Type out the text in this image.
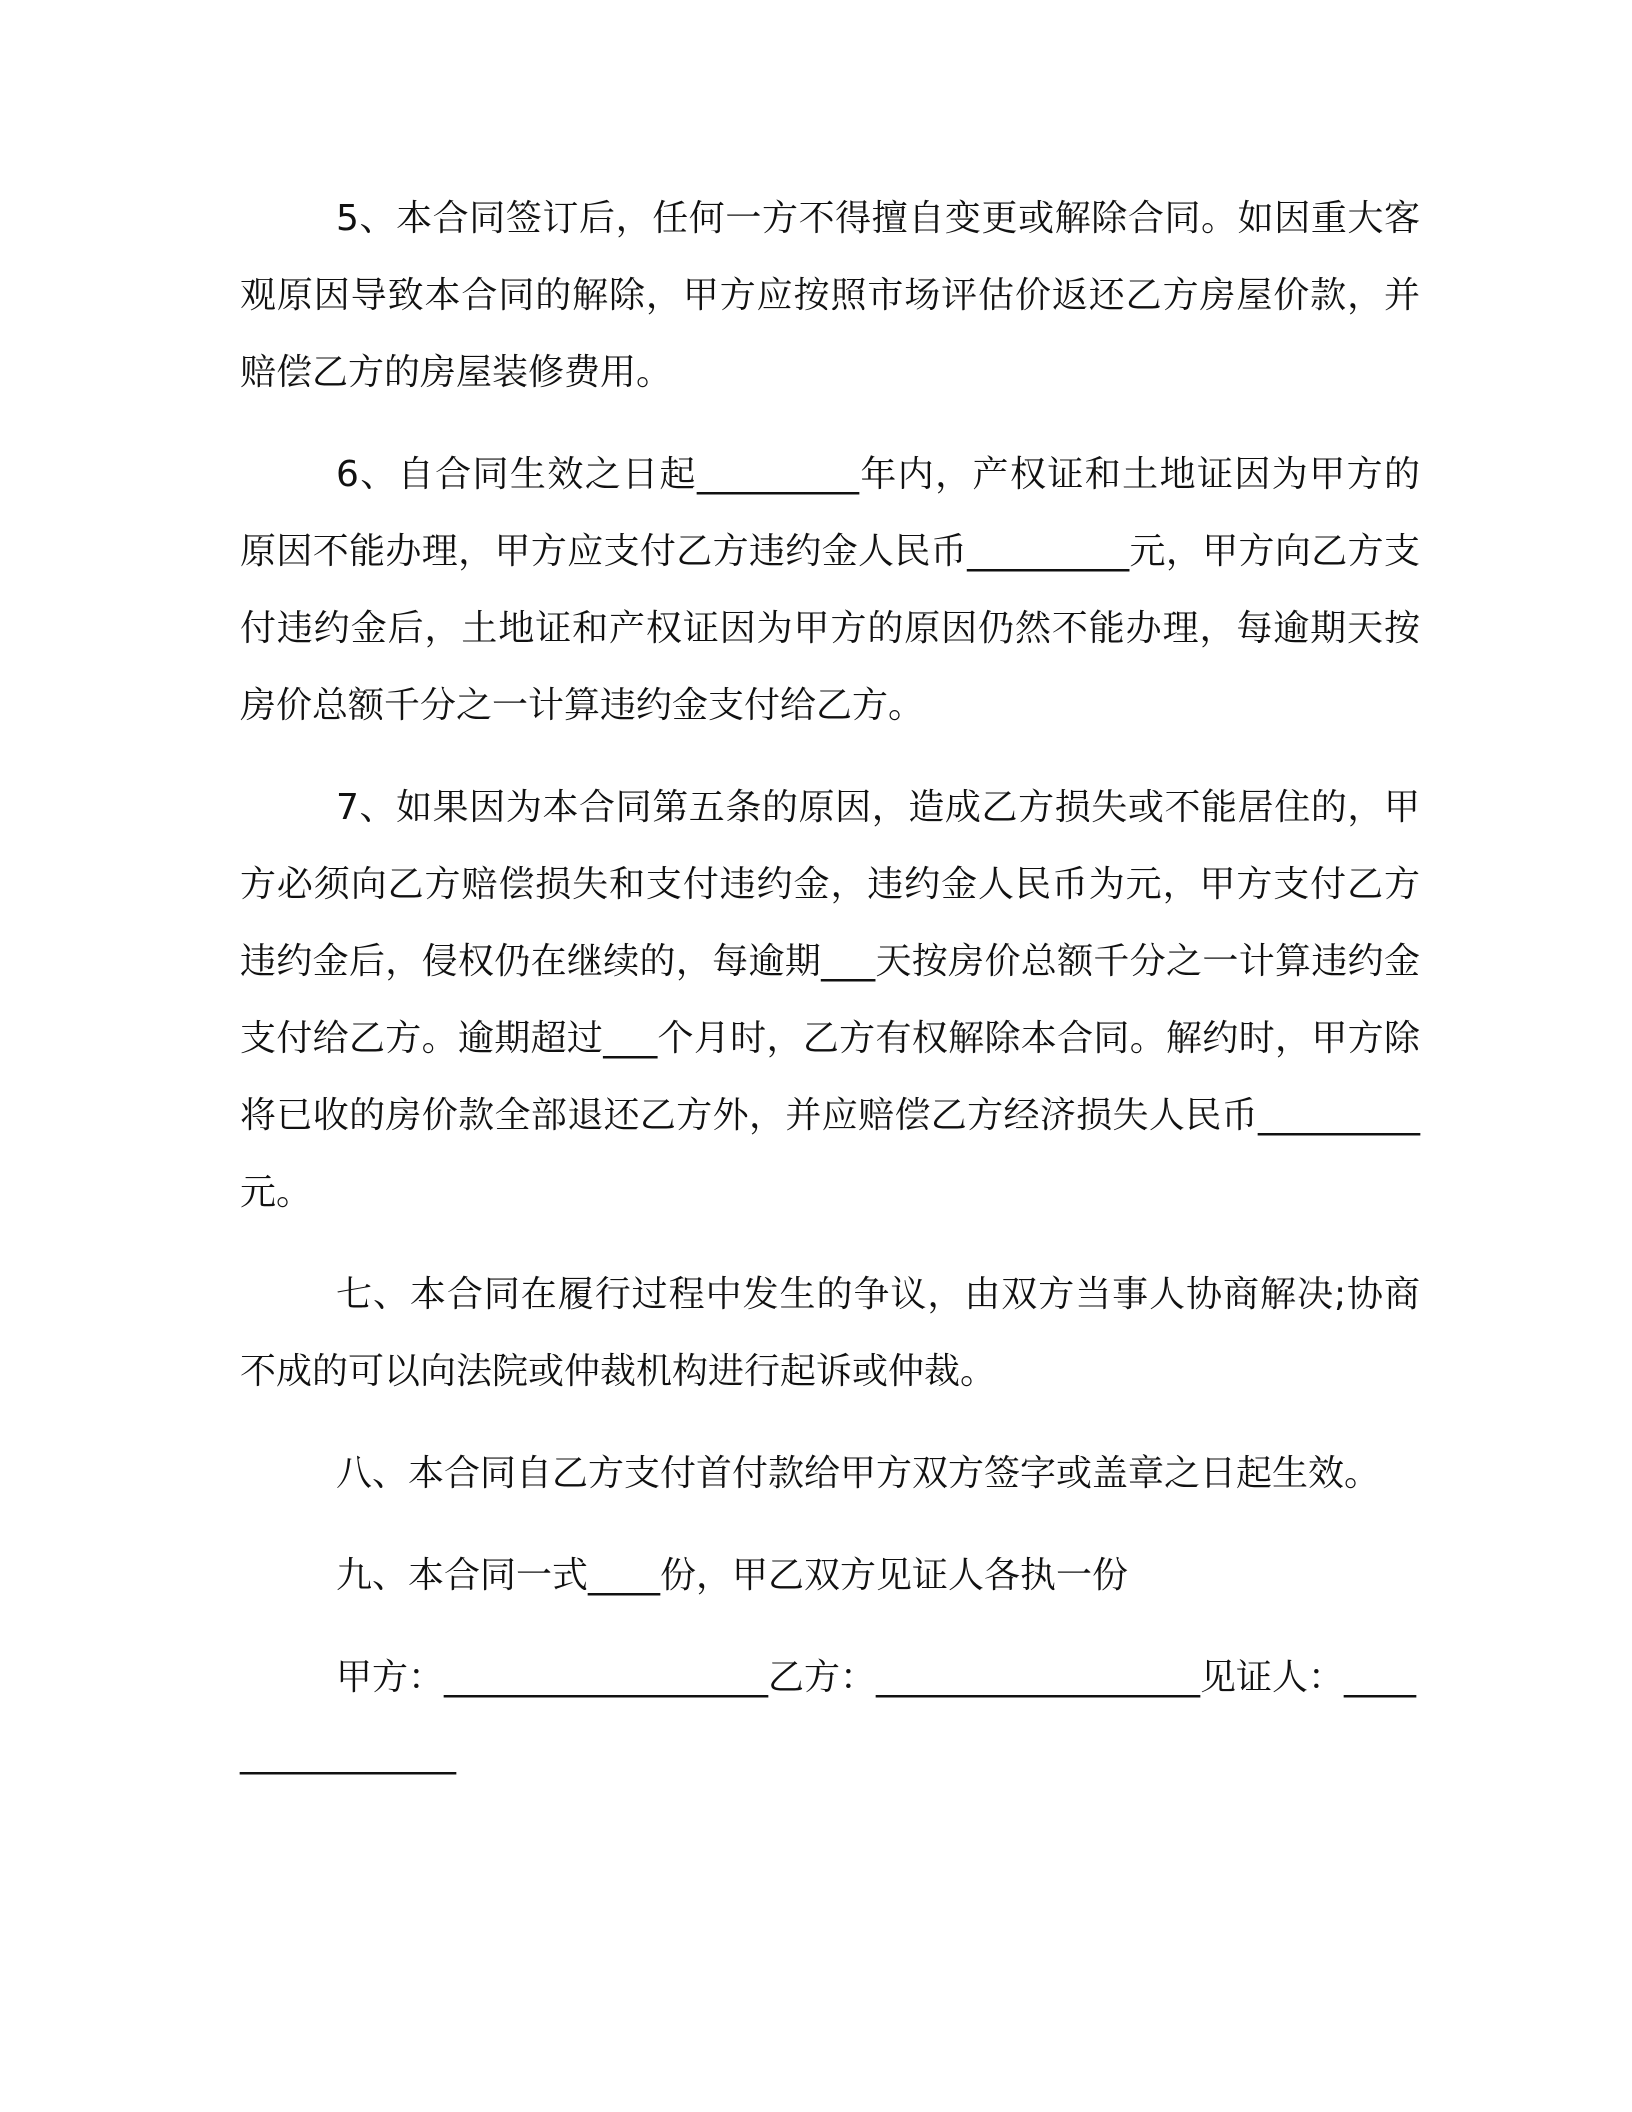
5、本合同签订后，任何一方不得擅自变更或解除合同。如因重大客观原因导致本合同的解除，甲方应按照市场评估价返还乙方房屋价款，并赔偿乙方的房屋装修费用。

6、自合同生效之日起_________年内，产权证和土地证因为甲方的原因不能办理，甲方应支付乙方违约金人民币_________元，甲方向乙方支付违约金后，土地证和产权证因为甲方的原因仍然不能办理，每逾期天按房价总额千分之一计算违约金支付给乙方。

7、如果因为本合同第五条的原因，造成乙方损失或不能居住的，甲方必须向乙方赔偿损失和支付违约金，违约金人民币为元，甲方支付乙方违约金后，侵权仍在继续的，每逾期___天按房价总额千分之一计算违约金支付给乙方。逾期超过___个月时，乙方有权解除本合同。解约时，甲方除将已收的房价款全部退还乙方外，并应赔偿乙方经济损失人民币_________元。

七、本合同在履行过程中发生的争议，由双方当事人协商解决;协商不成的可以向法院或仲裁机构进行起诉或仲裁。

八、本合同自乙方支付首付款给甲方双方签字或盖章之日起生效。

九、本合同一式____份，甲乙双方见证人各执一份

甲方：__________________乙方：__________________见证人：________________
